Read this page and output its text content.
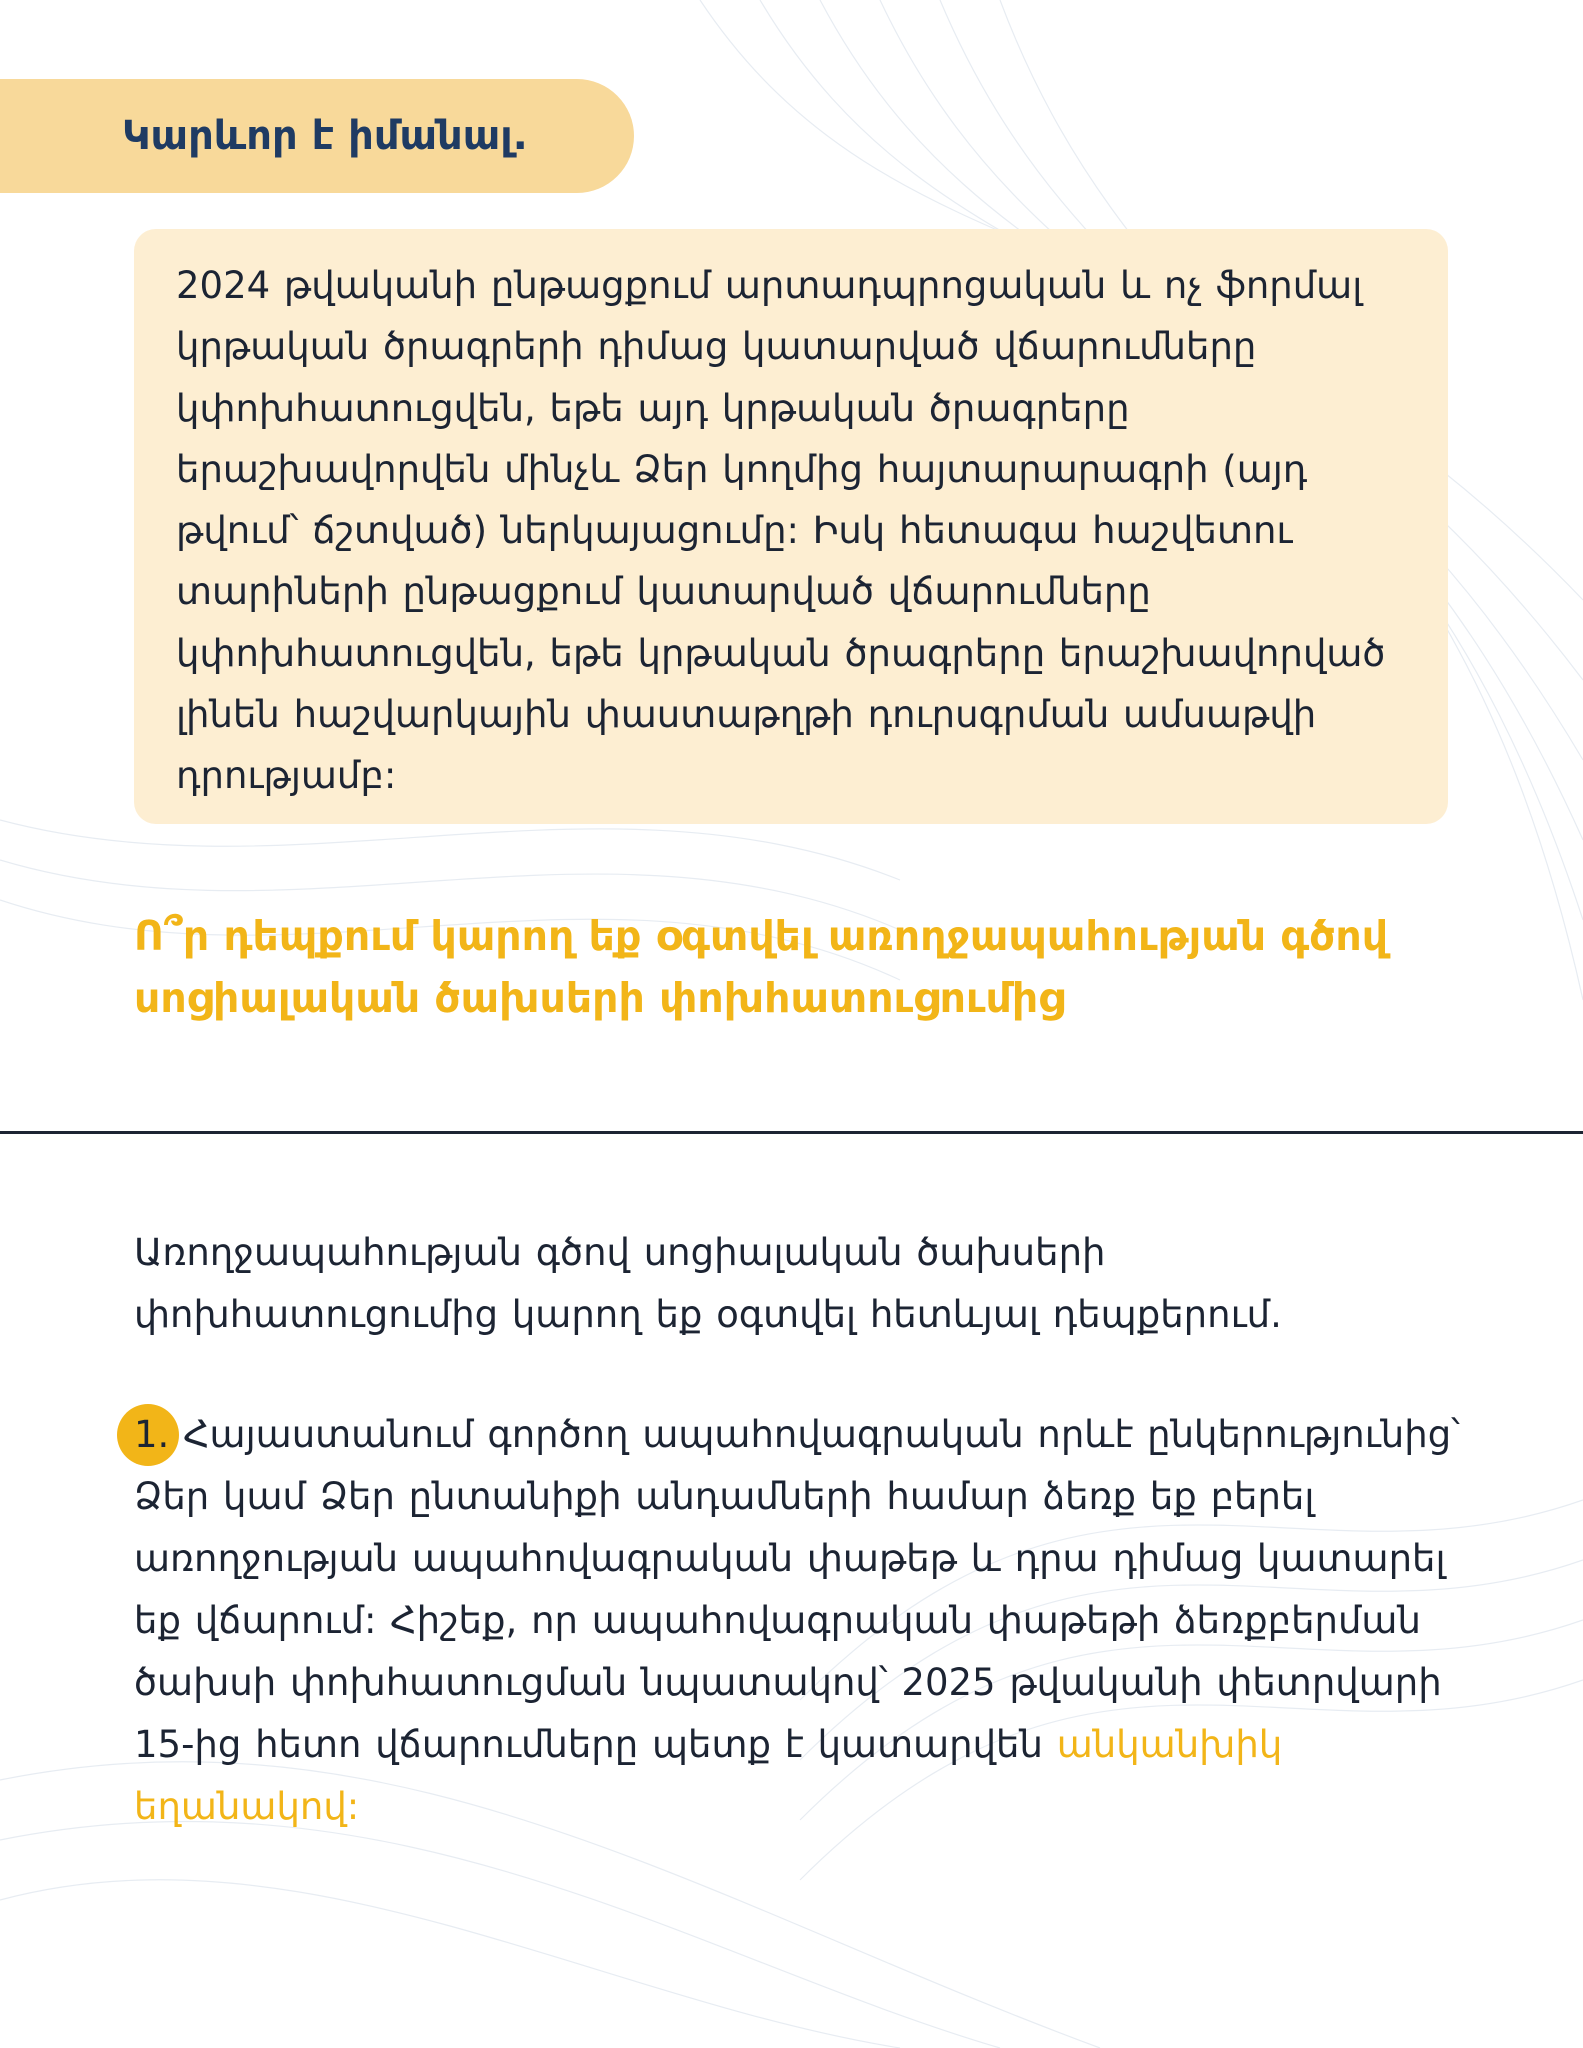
Կարևոր է իմանալ.

2024 թվականի ընթացքում արտադպրոցական և ոչ ֆորմալ կրթական ծրագրերի դիմաց կատարված վճարումները կփոխհատուցվեն, եթե այդ կրթական ծրագրերը երաշխավորվեն մինչև Ձեր կողմից հայտարարագրի (այդ թվում՝ ճշտված) ներկայացումը: Իսկ հետագա հաշվետու տարիների ընթացքում կատարված վճարումները կփոխհատուցվեն, եթե կրթական ծրագրերը երաշխավորված լինեն հաշվարկային փաստաթղթի դուրսգրման ամսաթվի դրությամբ:

Ո՞ր դեպքում կարող եք օգտվել առողջապահության գծով սոցիալական ծախսերի փոխհատուցումից

Առողջապահության գծով սոցիալական ծախսերի փոխհատուցումից կարող եք օգտվել հետևյալ դեպքերում.

1. Հայաստանում գործող ապահովագրական որևէ ընկերությունից՝ Ձեր կամ Ձեր ընտանիքի անդամների համար ձեռք եք բերել առողջության ապահովագրական փաթեթ և դրա դիմաց կատարել եք վճարում: Հիշեք, որ ապահովագրական փաթեթի ձեռքբերման ծախսի փոխհատուցման նպատակով՝ 2025 թվականի փետրվարի 15-ից հետո վճարումները պետք է կատարվեն անկանխիկ եղանակով:
